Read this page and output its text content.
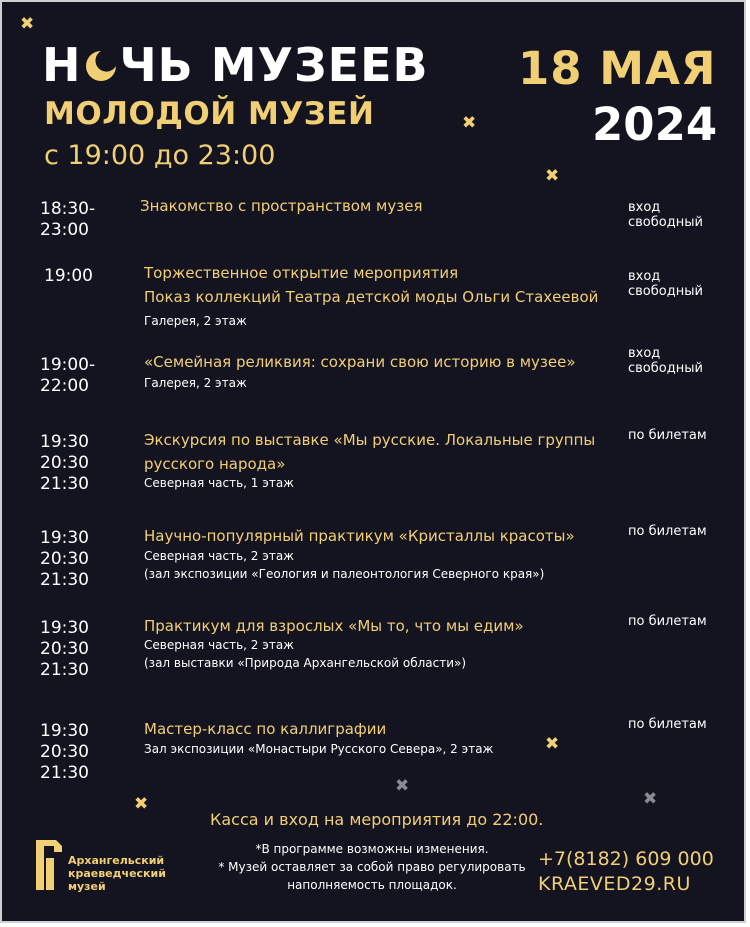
✖
✖
✖
✖
✖
✖
✖
Н ЧЬ МУЗЕЕВ
МОЛОДОЙ МУЗЕЙ
с 19:00 до 23:00
18 МАЯ
2024
18:30-
23:00
Знакомство с пространством музея	вход
свободный
19:00	Торжественное открытие мероприятия
Показ коллекций Театра детской моды Ольги Стахеевой
Галерея, 2 этаж
вход
свободный
19:00-
22:00
«Семейная реликвия: сохрани свою историю в музее»
Галерея, 2 этаж
вход
свободный
19:30
20:30
21:30
Экскурсия по выставке «Мы русские. Локальные группы
русского народа»
Северная часть, 1 этаж
по билетам
19:30
20:30
21:30
Научно-популярный практикум «Кристаллы красоты»
Северная часть, 2 этаж
(зал экспозиции «Геология и палеонтология Северного края»)
по билетам
19:30
20:30
21:30
Практикум для взрослых «Мы то, что мы едим»
Северная часть, 2 этаж
(зал выставки «Природа Архангельской области»)
по билетам
19:30
20:30
21:30
Мастер-класс по каллиграфии
Зал экспозиции «Монастыри Русского Севера», 2 этаж
по билетам
Касса и вход на мероприятия до 22:00.
*В программе возможны изменения.
* Музей оставляет за собой право регулировать наполняемость площадок.
+7(8182) 609 000
KRAEVED29.RU
Архангельский
краеведческий
музей
